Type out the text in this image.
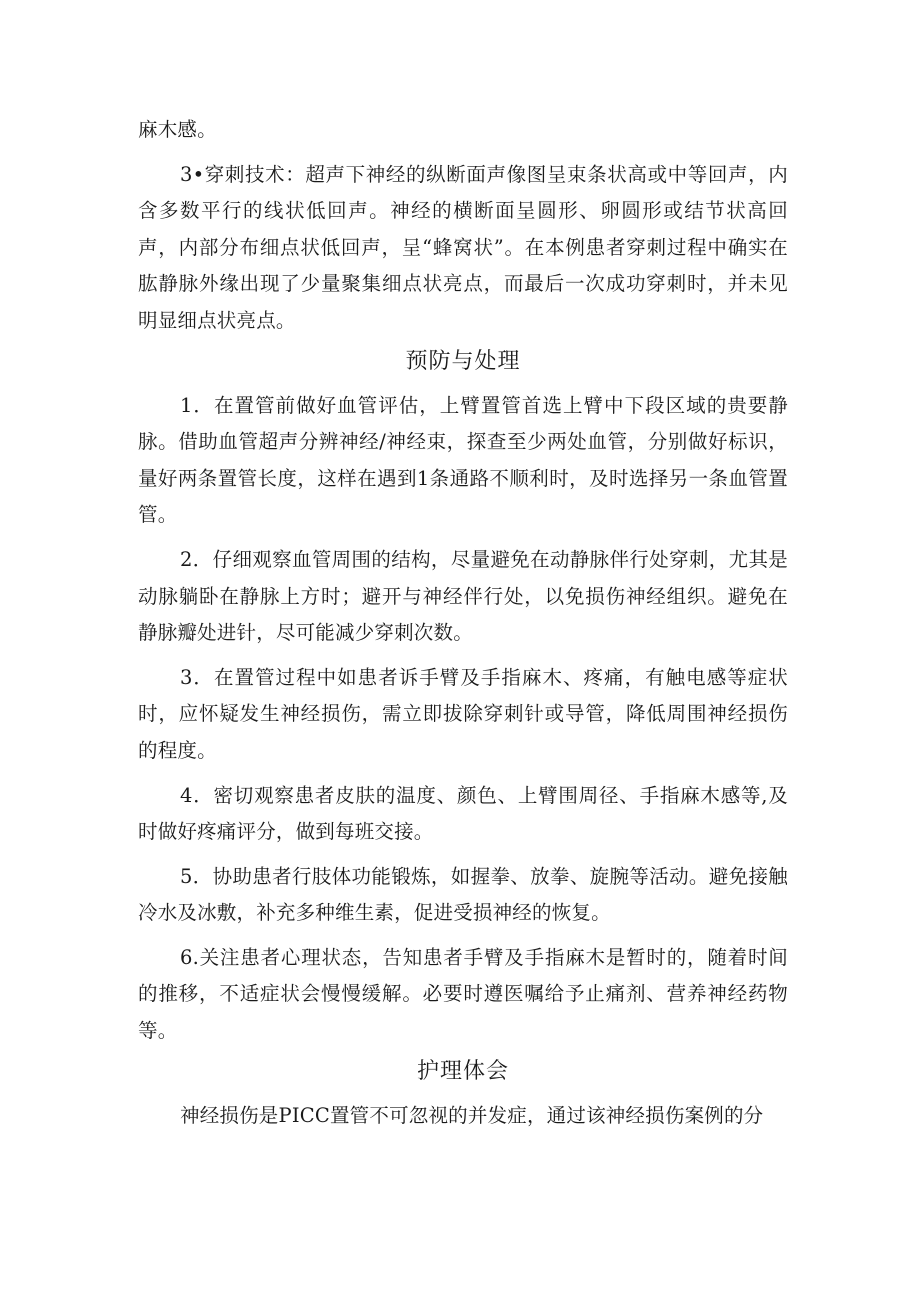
麻木感。

3•穿刺技术：超声下神经的纵断面声像图呈束条状高或中等回声，内含多数平行的线状低回声。神经的横断面呈圆形、卵圆形或结节状高回声，内部分布细点状低回声，呈“蜂窝状”。在本例患者穿刺过程中确实在肱静脉外缘出现了少量聚集细点状亮点，而最后一次成功穿刺时，并未见明显细点状亮点。

预防与处理

1．在置管前做好血管评估，上臂置管首选上臂中下段区域的贵要静脉。借助血管超声分辨神经/神经束，探查至少两处血管，分别做好标识，量好两条置管长度，这样在遇到1条通路不顺利时，及时选择另一条血管置管。

2．仔细观察血管周围的结构，尽量避免在动静脉伴行处穿刺，尤其是动脉躺卧在静脉上方时；避开与神经伴行处，以免损伤神经组织。避免在静脉瓣处进针，尽可能减少穿刺次数。

3．在置管过程中如患者诉手臂及手指麻木、疼痛，有触电感等症状时，应怀疑发生神经损伤，需立即拔除穿刺针或导管，降低周围神经损伤的程度。

4．密切观察患者皮肤的温度、颜色、上臂围周径、手指麻木感等,及时做好疼痛评分，做到每班交接。

5．协助患者行肢体功能锻炼，如握拳、放拳、旋腕等活动。避免接触冷水及冰敷，补充多种维生素，促进受损神经的恢复。

6.关注患者心理状态，告知患者手臂及手指麻木是暂时的，随着时间的推移，不适症状会慢慢缓解。必要时遵医嘱给予止痛剂、营养神经药物等。

护理体会

神经损伤是PICC置管不可忽视的并发症，通过该神经损伤案例的分
